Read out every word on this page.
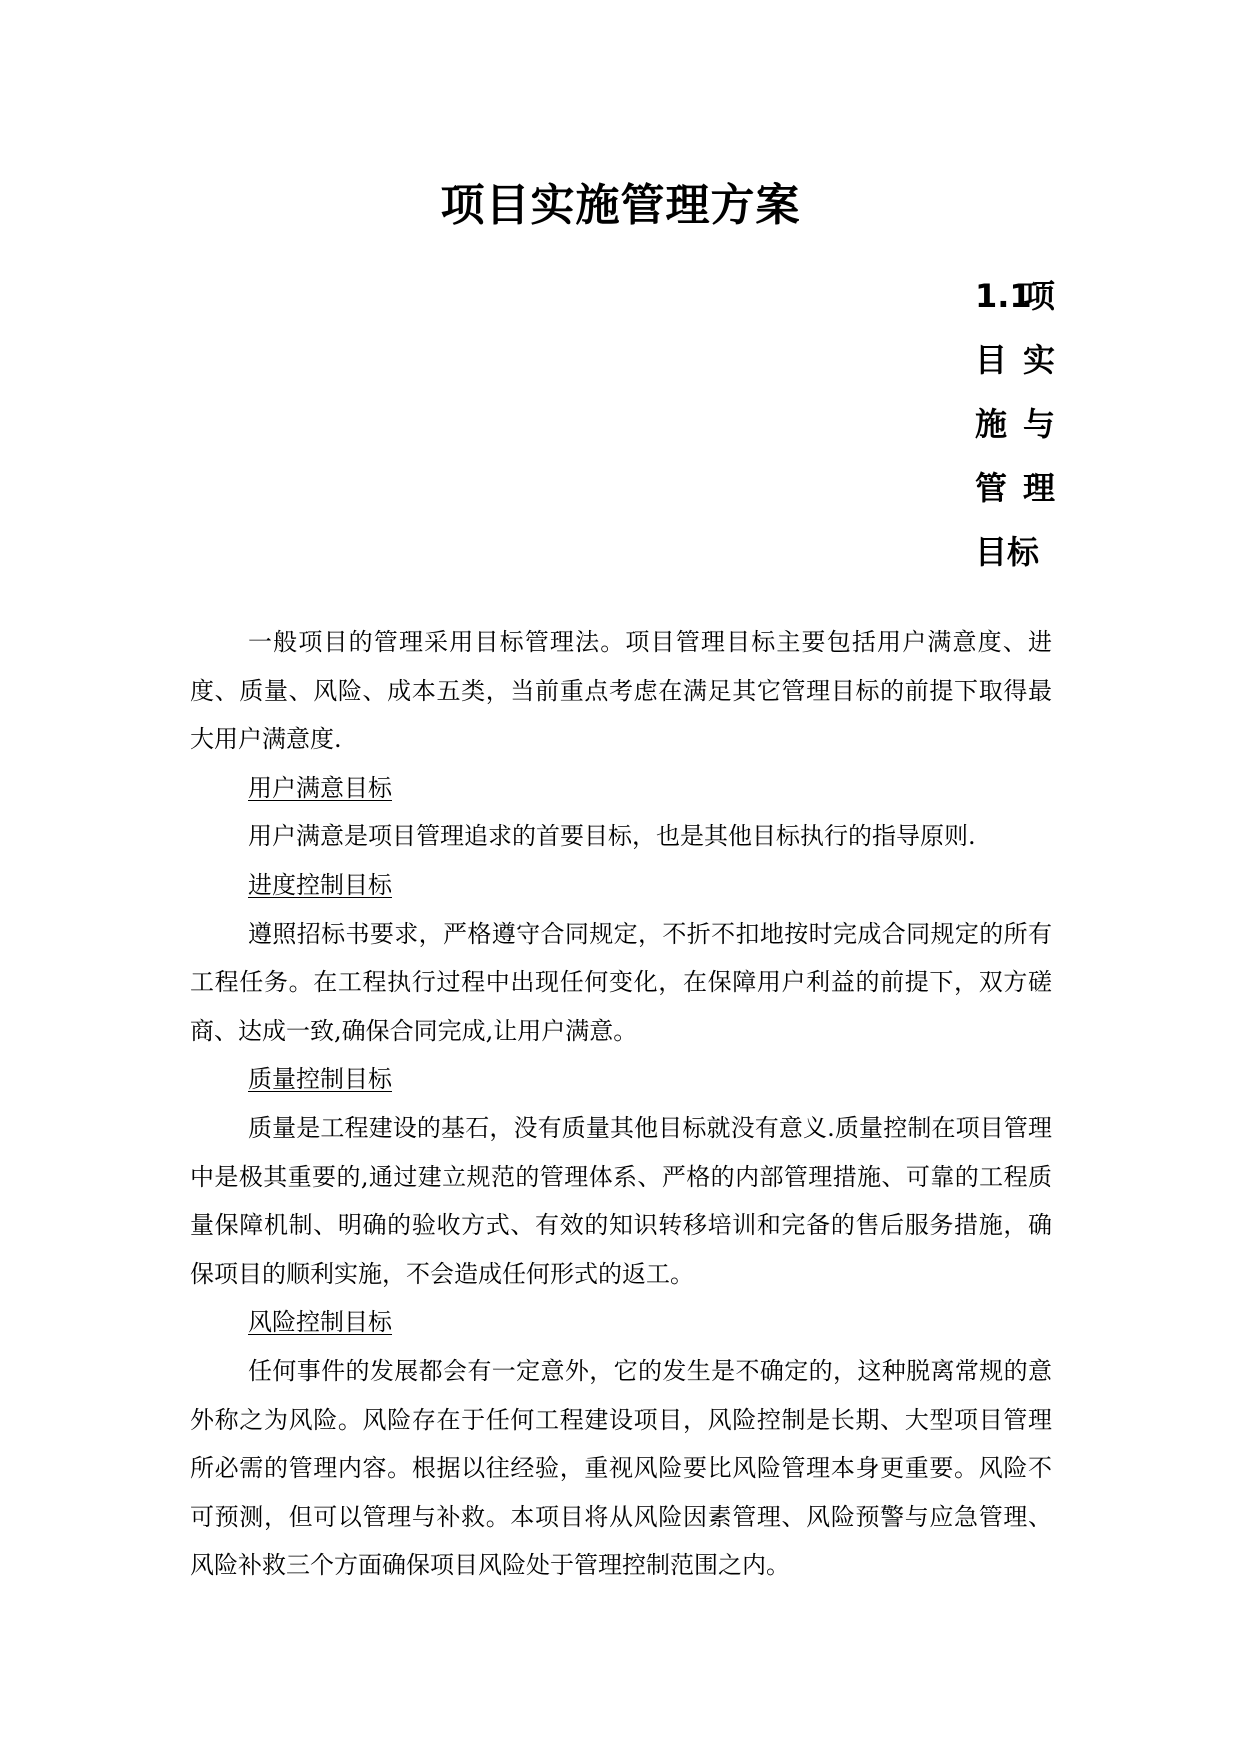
项目实施管理方案
1.1项
目 实
施 与
管 理
目标

一般项目的管理采用目标管理法。项目管理目标主要包括用户满意度、进度、质量、风险、成本五类，当前重点考虑在满足其它管理目标的前提下取得最大用户满意度.

用户满意目标

用户满意是项目管理追求的首要目标，也是其他目标执行的指导原则.

进度控制目标

遵照招标书要求，严格遵守合同规定，不折不扣地按时完成合同规定的所有工程任务。在工程执行过程中出现任何变化，在保障用户利益的前提下，双方磋商、达成一致,确保合同完成,让用户满意。

质量控制目标

质量是工程建设的基石，没有质量其他目标就没有意义.质量控制在项目管理中是极其重要的,通过建立规范的管理体系、严格的内部管理措施、可靠的工程质量保障机制、明确的验收方式、有效的知识转移培训和完备的售后服务措施，确保项目的顺利实施，不会造成任何形式的返工。

风险控制目标

任何事件的发展都会有一定意外，它的发生是不确定的，这种脱离常规的意外称之为风险。风险存在于任何工程建设项目，风险控制是长期、大型项目管理所必需的管理内容。根据以往经验，重视风险要比风险管理本身更重要。风险不可预测，但可以管理与补救。本项目将从风险因素管理、风险预警与应急管理、风险补救三个方面确保项目风险处于管理控制范围之内。
